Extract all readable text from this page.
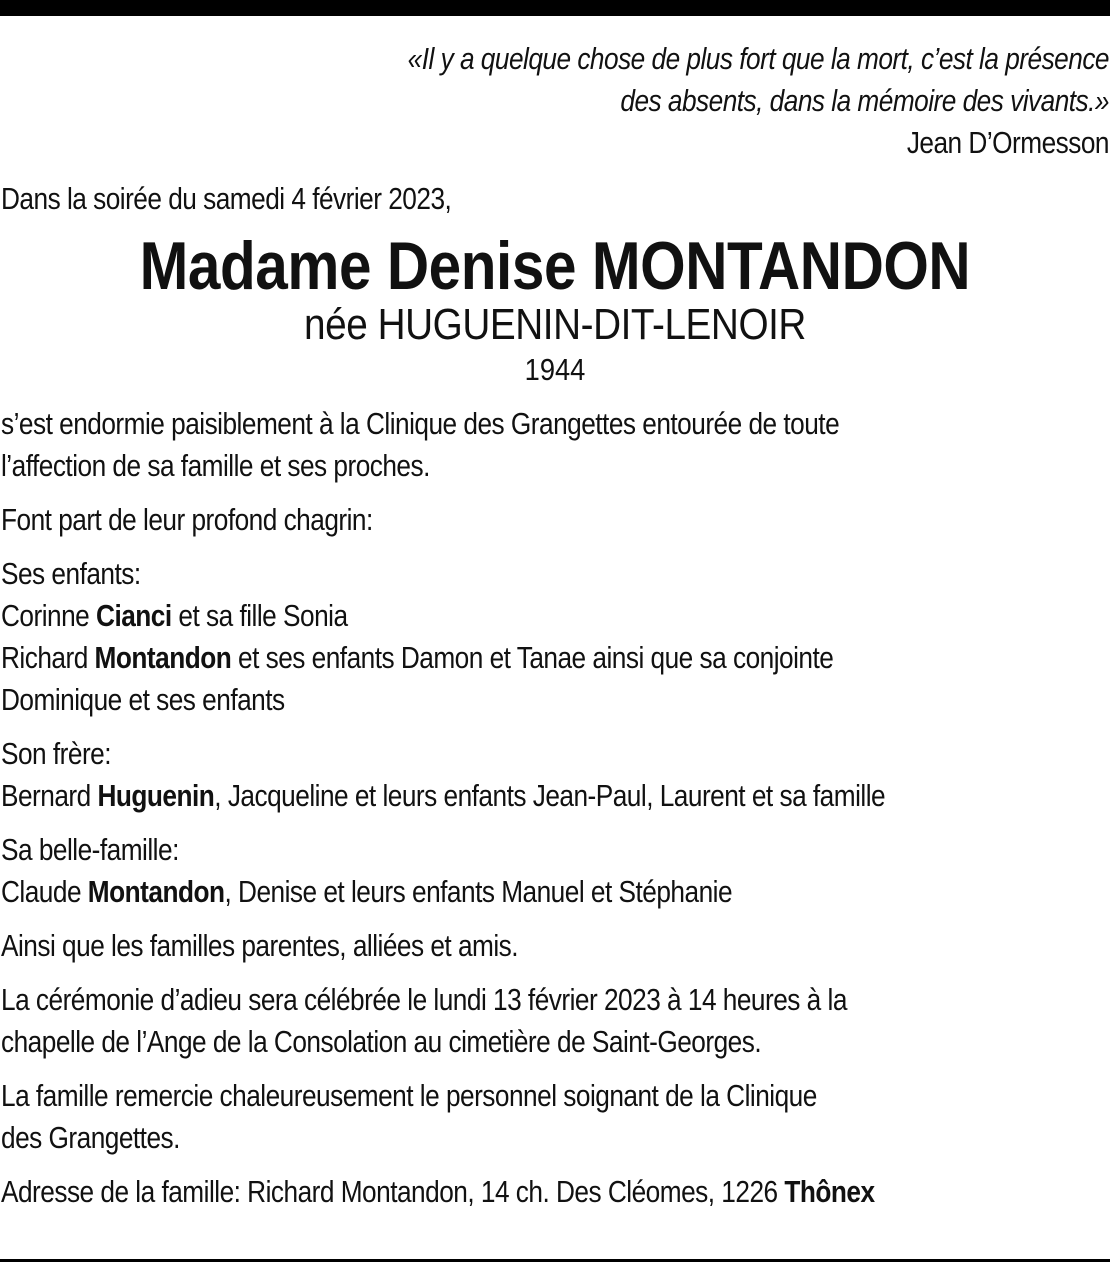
«Il y a quelque chose de plus fort que la mort, c’est la présence
des absents, dans la mémoire des vivants.»
Jean D’Ormesson
Dans la soirée du samedi 4 février 2023,
Madame Denise MONTANDON
née HUGUENIN-DIT-LENOIR
1944
s’est endormie paisiblement à la Clinique des Grangettes entourée de toute
l’affection de sa famille et ses proches.
Font part de leur profond chagrin:
Ses enfants:
Corinne Cianci et sa fille Sonia
Richard Montandon et ses enfants Damon et Tanae ainsi que sa conjointe
Dominique et ses enfants
Son frère:
Bernard Huguenin, Jacqueline et leurs enfants Jean-Paul, Laurent et sa famille
Sa belle-famille:
Claude Montandon, Denise et leurs enfants Manuel et Stéphanie
Ainsi que les familles parentes, alliées et amis.
La cérémonie d’adieu sera célébrée le lundi 13 février 2023 à 14 heures à la
chapelle de l’Ange de la Consolation au cimetière de Saint-Georges.
La famille remercie chaleureusement le personnel soignant de la Clinique
des Grangettes.
Adresse de la famille: Richard Montandon, 14 ch. Des Cléomes, 1226 Thônex
